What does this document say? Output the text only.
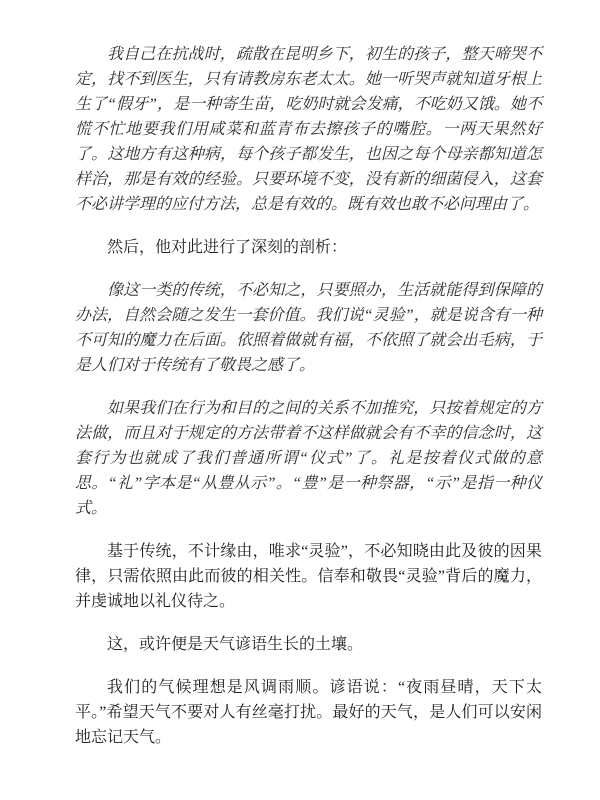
我自己在抗战时，疏散在昆明乡下，初生的孩子，整天啼哭不定，找不到医生，只有请教房东老太太。她一听哭声就知道牙根上生了“假牙”，是一种寄生苗，吃奶时就会发痛，不吃奶又饿。她不慌不忙地要我们用咸菜和蓝青布去擦孩子的嘴腔。一两天果然好了。这地方有这种病，每个孩子都发生，也因之每个母亲都知道怎样治，那是有效的经验。只要环境不变，没有新的细菌侵入，这套不必讲学理的应付方法，总是有效的。既有效也敢不必问理由了。

然后，他对此进行了深刻的剖析：

像这一类的传统，不必知之，只要照办，生活就能得到保障的办法，自然会随之发生一套价值。我们说“灵验”，就是说含有一种不可知的魔力在后面。依照着做就有福，不依照了就会出毛病，于是人们对于传统有了敬畏之感了。

如果我们在行为和目的之间的关系不加推究，只按着规定的方法做，而且对于规定的方法带着不这样做就会有不幸的信念时，这套行为也就成了我们普通所谓“仪式”了。礼是按着仪式做的意思。“礼”字本是“从豊从示”。“豊”是一种祭器，“示”是指一种仪式。

基于传统，不计缘由，唯求“灵验”，不必知晓由此及彼的因果律，只需依照由此而彼的相关性。信奉和敬畏“灵验”背后的魔力，并虔诚地以礼仪待之。

这，或许便是天气谚语生长的土壤。

我们的气候理想是风调雨顺。谚语说：“夜雨昼晴，天下太平。”希望天气不要对人有丝毫打扰。最好的天气，是人们可以安闲地忘记天气。
